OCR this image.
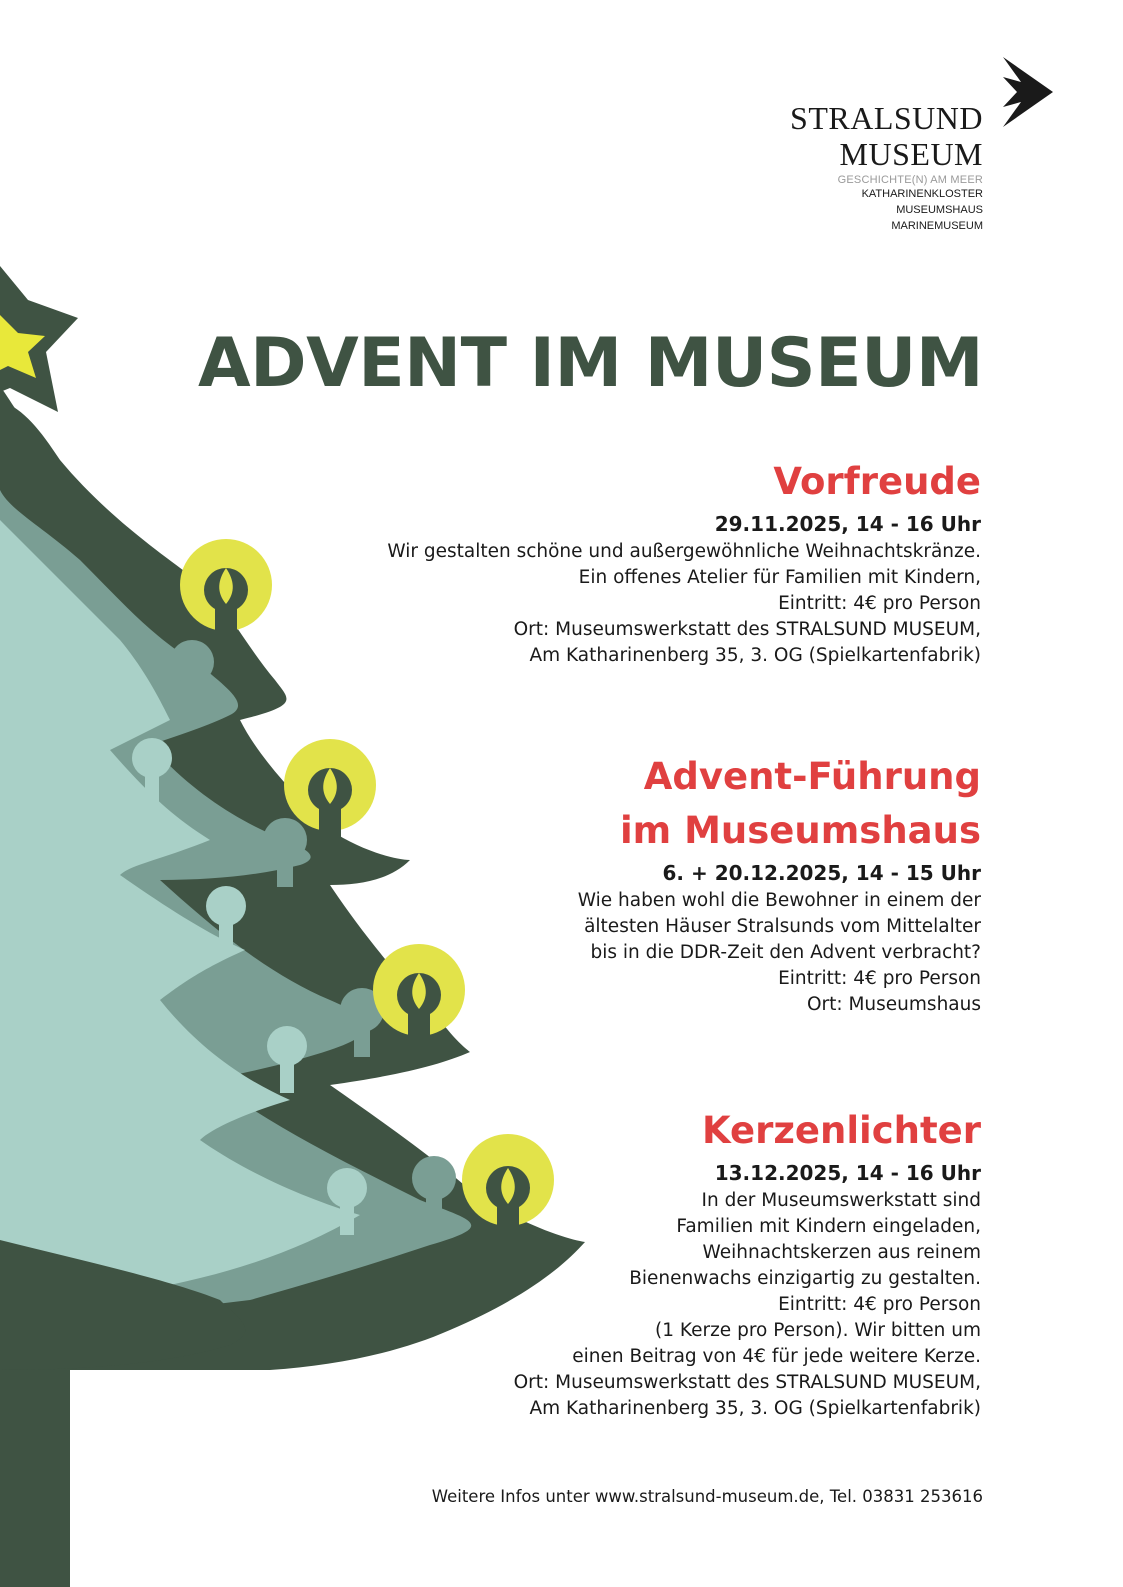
STRALSUND
MUSEUM
GESCHICHTE(N) AM MEER
KATHARINENKLOSTER
MUSEUMSHAUS
MARINEMUSEUM
ADVENT IM MUSEUM
Vorfreude
29.11.2025, 14 - 16 Uhr
Wir gestalten schöne und außergewöhnliche Weihnachtskränze.
Ein offenes Atelier für Familien mit Kindern,
Eintritt: 4€ pro Person
Ort: Museumswerkstatt des STRALSUND MUSEUM,
Am Katharinenberg 35, 3. OG (Spielkartenfabrik)
Advent-Führung
im Museumshaus
6. + 20.12.2025, 14 - 15 Uhr
Wie haben wohl die Bewohner in einem der
ältesten Häuser Stralsunds vom Mittelalter
bis in die DDR-Zeit den Advent verbracht?
Eintritt: 4€ pro Person
Ort: Museumshaus
Kerzenlichter
13.12.2025, 14 - 16 Uhr
In der Museumswerkstatt sind
Familien mit Kindern eingeladen,
Weihnachtskerzen aus reinem
Bienenwachs einzigartig zu gestalten.
Eintritt: 4€ pro Person
(1 Kerze pro Person). Wir bitten um
einen Beitrag von 4€ für jede weitere Kerze.
Ort: Museumswerkstatt des STRALSUND MUSEUM,
Am Katharinenberg 35, 3. OG (Spielkartenfabrik)
Weitere Infos unter www.stralsund-museum.de, Tel. 03831 253616
